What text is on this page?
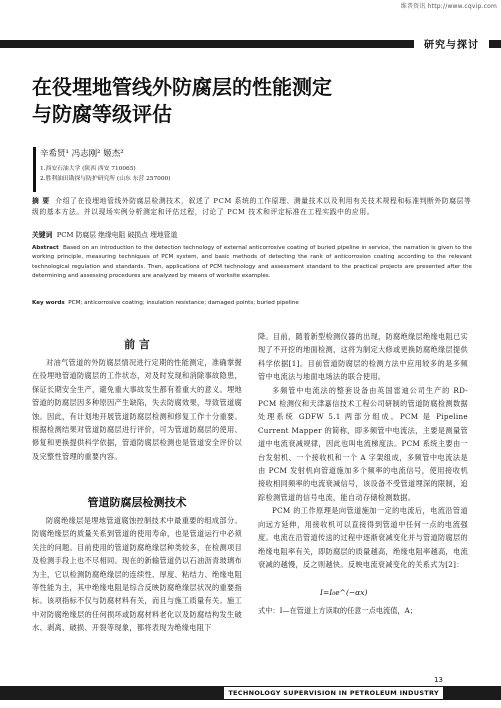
维普资讯 http://www.cqvip.com
研究与探讨
在役埋地管线外防腐层的性能测定
与防腐等级评估
辛希贤¹ 冯志刚² 姬杰²
1.西安石油大学 (陕西 西安 710065)
2.胜利油田勘探与防护研究所 (山东 东营 257000)
摘 要 介绍了在役埋地管线外防腐层检测技术，叙述了 PCM 系统的工作原理、测量技术以及利用有关技术规程和标准判断外防腐层等级的基本方法。并以现场实例分析测定和评估过程，讨论了 PCM 技术和评定标准在工程实践中的应用。
关键词 PCM 防腐层 绝缘电阻 破损点 埋地管道
Abstract Based on an introduction to the detection technology of external anticorrosive coating of buried pipeline in service, the narration is given to the working principle, measuring techniques of PCM system, and basic methods of detecting the rank of anticorrosion coating according to the relevant technological regulation and standards. Then, applications of PCM technology and assessment standard to the practical projects are presented after the determining and assessing procedures are analyzed by means of worksite examples.
Key words PCM; anticorrosive coating; insulation resistance; damaged points; buried pipeline
前 言

对油气管道的外防腐层情况进行定期的性能测定，准确掌握在役埋地管道防腐层的工作状态，对及时发现和消除事故隐患，保证长期安全生产，避免重大事故发生都有着重大的意义。埋地管道的防腐层因多种原因产生缺陷，失去防腐效果，导致管道腐蚀。因此，有计划地开展管道防腐层检测和修复工作十分重要。根据检测结果对管道防腐层进行评价，可为管道防腐层的使用、修复和更换提供科学依据，管道防腐层检测也是管道安全评价以及完整性管理的重要内容。

管道防腐层检测技术

防腐绝缘层是埋地管道腐蚀控制技术中最重要的组成部分。防腐绝缘层的质量关系到管道的使用寿命，也是管道运行中必须关注的问题。目前使用的管道防腐绝缘层种类较多，在检测项目及检测手段上也不尽相同。现在的新输管道仍以石油沥青玻璃布为主，它以检测防腐绝缘层的连续性、厚度、粘结力、绝缘电阻等性能为主，其中绝缘电阻是综合反映防腐绝缘层状况的重要指标。该项指标不仅与防腐材料有关，而且与施工质量有关。施工中对防腐绝缘层的任何损坏或防腐材料老化以及防腐结构发生破水、剥离、破损、开裂等现象，都将表现为绝缘电阻下

降。目前，随着新型检测仪器的出现，防腐绝缘层绝缘电阻已实现了不开挖的地面检测，这将为制定大修或更换防腐绝缘层提供科学依据[1]。目前管道防腐层的检测方法中应用较多的是多频管中电流法与地面电场法的联合使用。

多频管中电流法的整套设备由英国雷迪公司生产的 RD-PCM 检测仪和天津嘉信技术工程公司研制的管道防腐检测数据处理系统 GDFW 5.1 两部分组成。PCM 是 Pipeline Current Mapper 的简称，即多频管中电流法，主要是测量管道中电流衰减规律，因此也叫电流梯度法。PCM 系统主要由一台发射机、一个接收机和一个 A 字架组成，多频管中电流法是由 PCM 发射机向管道施加多个频率的电流信号，使用接收机接收相同频率的电流衰减信号，该设备不受管道埋深的限制，追踪检测管道的信号电流，能自动存储检测数据。

PCM 的工作原理是向管道施加一定的电流后，电流沿管道向远方延伸，用接收机可以直接得到管道中任何一点的电流强度。电流在沿管道传送的过程中逐渐衰减变化并与管道防腐层的绝缘电阻率有关，即防腐层的质量越高，绝缘电阻率越高，电流衰减的越慢，反之则越快。反映电流衰减变化的关系式为[2]：

I=I₀e^(−αx)
式中：I—在管道上方读取的任意一点电流值，A；
13
TECHNOLOGY SUPERVISION IN PETROLEUM INDUSTRY
